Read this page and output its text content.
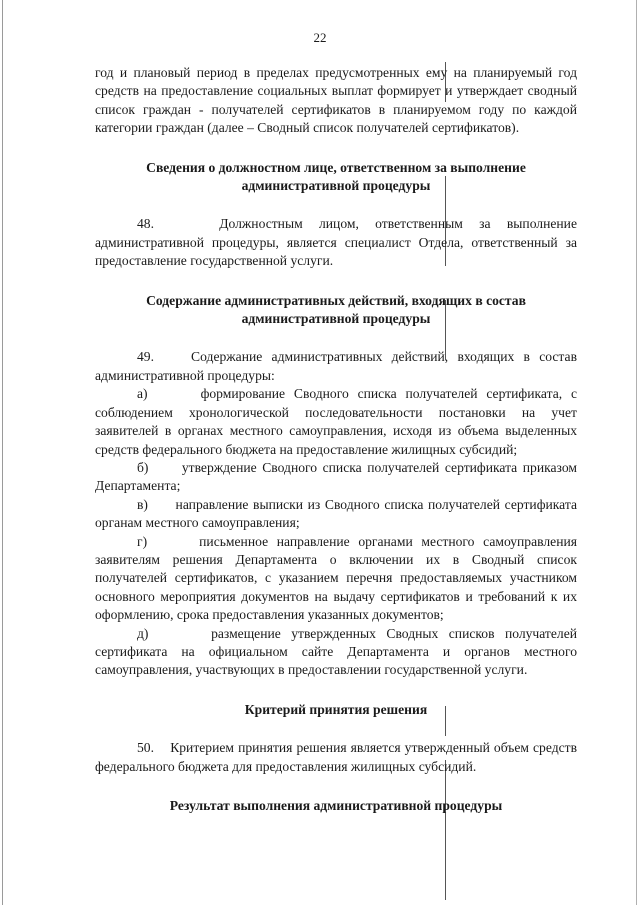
22

год и плановый период в пределах предусмотренных ему на планируемый год средств на предоставление социальных выплат формирует и утверждает сводный список граждан - получателей сертификатов в планируемом году по каждой категории граждан (далее – Сводный список получателей сертификатов).

Сведения о должностном лице, ответственном за выполнение

административной процедуры

48.    Должностным лицом, ответственным за выполнение административной процедуры, является специалист Отдела, ответственный за предоставление государственной услуги.

Содержание административных действий, входящих в состав

административной процедуры

49.    Содержание административных действий, входящих в состав административной процедуры:

а)      формирование Сводного списка получателей сертификата, с соблюдением хронологической последовательности постановки на учет заявителей в органах местного самоуправления, исходя из объема выделенных средств федерального бюджета на предоставление жилищных субсидий;

б)      утверждение Сводного списка получателей сертификата приказом Департамента;

в)      направление выписки из Сводного списка получателей сертификата органам местного самоуправления;

г)      письменное направление органами местного самоуправления заявителям решения Департамента о включении их в Сводный список получателей сертификатов, с указанием перечня предоставляемых участником основного мероприятия документов на выдачу сертификатов и требований к их оформлению, срока предоставления указанных документов;

д)      размещение утвержденных Сводных списков получателей сертификата на официальном сайте Департамента и органов местного самоуправления, участвующих в предоставлении государственной услуги.

Критерий принятия решения

50.    Критерием принятия решения является утвержденный объем средств федерального бюджета для предоставления жилищных субсидий.

Результат выполнения административной процедуры
